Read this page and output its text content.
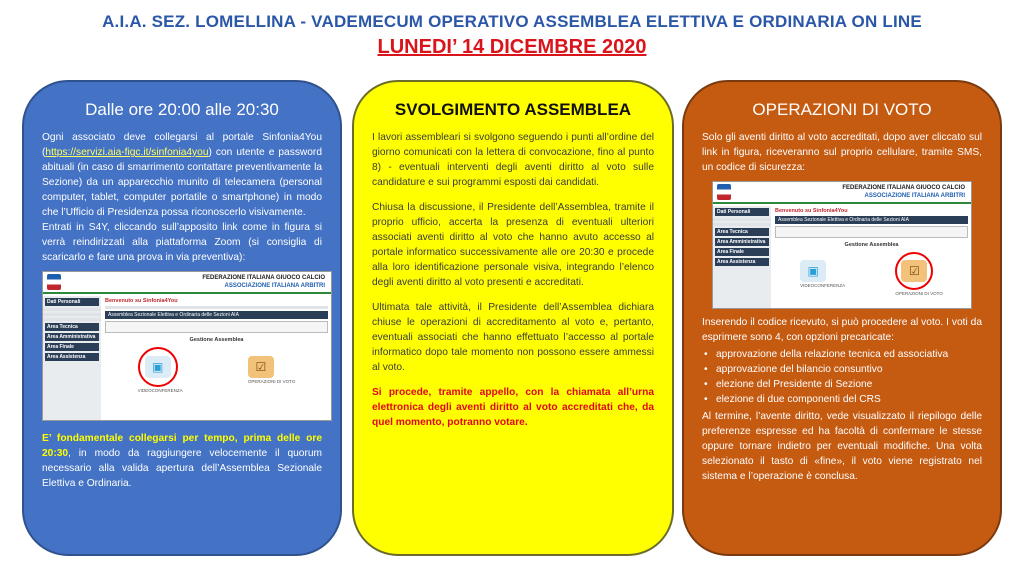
A.I.A. SEZ. LOMELLINA - VADEMECUM OPERATIVO ASSEMBLEA ELETTIVA E ORDINARIA ON LINE
LUNEDI’ 14 DICEMBRE 2020
Dalle ore 20:00 alle 20:30
Ogni associato deve collegarsi al portale Sinfonia4You (https://servizi.aia-figc.it/sinfonia4you) con utente e password abituali (in caso di smarrimento contattare preventivamente la Sezione) da un apparecchio munito di telecamera (personal computer, tablet, computer portatile o smartphone) in modo che l’Ufficio di Presidenza possa riconoscerlo visivamente.
Entrati in S4Y, cliccando sull’apposito link come in figura si verrà reindirizzati alla piattaforma Zoom (si consiglia di scaricarlo e fare una prova in via preventiva):
FEDERAZIONE ITALIANA GIUOCO CALCIO
ASSOCIAZIONE ITALIANA ARBITRI
Dati Personali
Area Tecnica
Area Amministrativa
Area Finale
Area Assistenza
Benvenuto su Sinfonia4You
Assemblea Sezionale Elettiva e Ordinaria delle Sezioni AIA
Gestione Assemblea
▣
VIDEOCONFERENZA
☑
OPERAZIONI DI VOTO
E’ fondamentale collegarsi per tempo, prima delle ore 20:30, in modo da raggiungere velocemente il quorum necessario alla valida apertura dell’Assemblea Sezionale Elettiva e Ordinaria.
SVOLGIMENTO ASSEMBLEA
I lavori assembleari si svolgono seguendo i punti all’ordine del giorno comunicati con la lettera di convocazione, fino al punto 8) - eventuali interventi degli aventi diritto al voto sulle candidature e sui programmi esposti dai candidati.
Chiusa la discussione, il Presidente dell’Assemblea, tramite il proprio ufficio, accerta la presenza di eventuali ulteriori associati aventi diritto al voto che hanno avuto accesso al portale informatico successivamente alle ore 20:30 e procede alla loro identificazione personale visiva, integrando l’elenco degli aventi diritto al voto presenti e accreditati.
Ultimata tale attività, il Presidente dell’Assemblea dichiara chiuse le operazioni di accreditamento al voto e, pertanto, eventuali associati che hanno effettuato l’accesso al portale informatico dopo tale momento non possono essere ammessi al voto.
Si procede, tramite appello, con la chiamata all’urna elettronica degli aventi diritto al voto accreditati che, da quel momento, potranno votare.
OPERAZIONI DI VOTO
Solo gli aventi diritto al voto accreditati, dopo aver cliccato sul link in figura, riceveranno sul proprio cellulare, tramite SMS, un codice di sicurezza:
FEDERAZIONE ITALIANA GIUOCO CALCIO
ASSOCIAZIONE ITALIANA ARBITRI
Dati Personali
Area Tecnica
Area Amministrativa
Area Finale
Area Assistenza
Benvenuto su Sinfonia4You
Assemblea Sezionale Elettiva e Ordinaria delle Sezioni AIA
Gestione Assemblea
▣
VIDEOCONFERENZA
☑
OPERAZIONI DI VOTO
Inserendo il codice ricevuto, si può procedere al voto. I voti da esprimere sono 4, con opzioni precaricate:
• approvazione della relazione tecnica ed associativa
• approvazione del bilancio consuntivo
• elezione del Presidente di Sezione
• elezione di due componenti del CRS
Al termine, l’avente diritto, vede visualizzato il riepilogo delle preferenze espresse ed ha facoltà di confermare le stesse oppure tornare indietro per eventuali modifiche. Una volta selezionato il tasto di «fine», il voto viene registrato nel sistema e l’operazione è conclusa.
